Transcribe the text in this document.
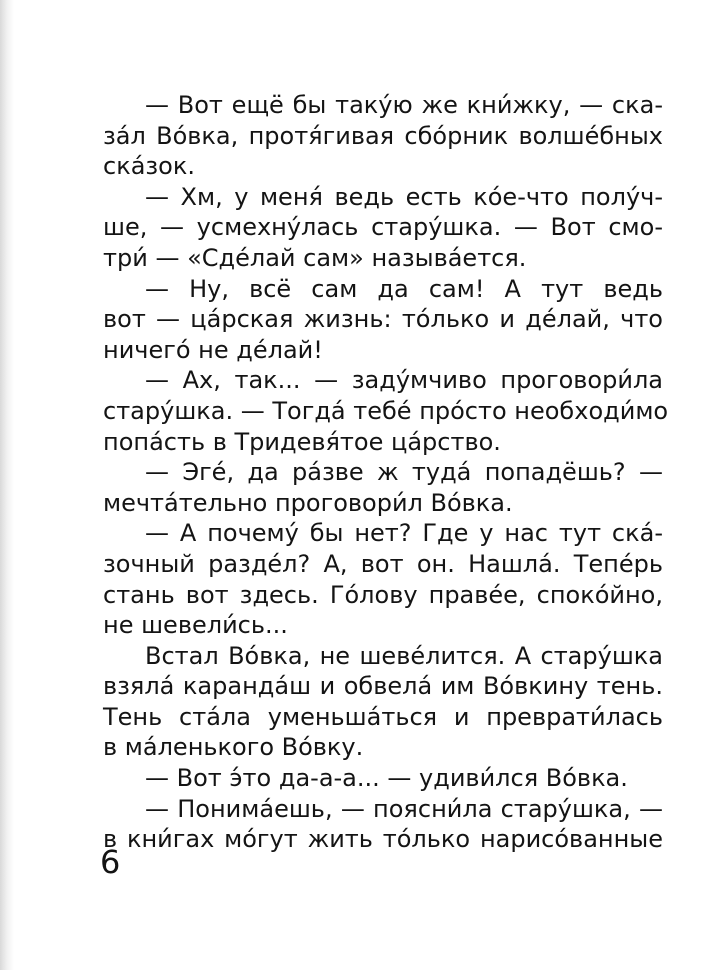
— Вот ещё бы такýю же кни́жку, — ска-
зáл Вóвка, протя́гивая сбóрник волшéбных
скáзок.
— Хм, у меня́ ведь есть кóе-что полýч-
ше, — усмехнýлась старýшка. — Вот смо-
три́ — «Сдéлай сам» называ́ется.
— Ну, всё сам да сам! А тут ведь
вот — цáрская жизнь: тóлько и дéлай, что
ничегó не дéлай!
— Ах, так... — задýмчиво проговори́ла
старýшка. — Тогдá тебé прóсто необходи́мо
попáсть в Тридевя́тое цáрство.
— Эгé, да рáзве ж тудá попадёшь? —
мечтáтельно проговори́л Вóвка.
— А почемý бы нет? Где у нас тут скá-
зочный раздéл? А, вот он. Нашлá. Тепéрь
стань вот здесь. Гóлову правéе, спокóйно,
не шевели́сь...
Встал Вóвка, не шевéлится. А старýшка
взялá карандáш и обвелá им Вóвкину тень.
Тень стáла уменьшáться и преврати́лась
в мáленького Вóвку.
— Вот э́то да-а-а... — удиви́лся Вóвка.
— Понимáешь, — поясни́ла старýшка, —
в кни́гах мóгут жить тóлько нарисóванные
6
